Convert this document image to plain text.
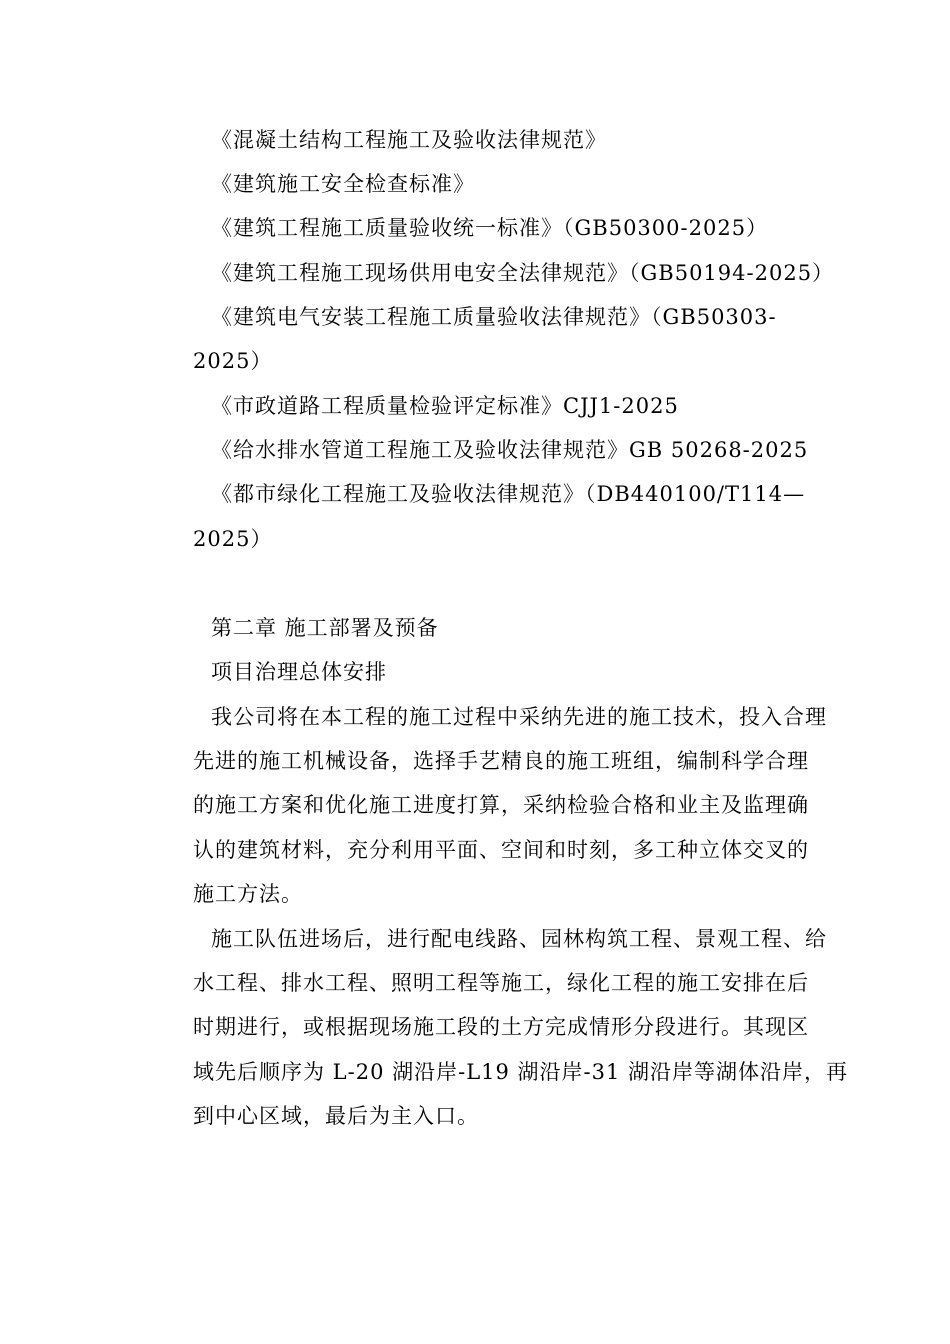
《混凝土结构工程施工及验收法律规范》
《建筑施工安全检查标准》
《建筑工程施工质量验收统一标准》（GB50300-2025）
《建筑工程施工现场供用电安全法律规范》（GB50194-2025）
《建筑电气安装工程施工质量验收法律规范》（GB50303-
2025）
《市政道路工程质量检验评定标准》CJJ1-2025
《给水排水管道工程施工及验收法律规范》GB 50268-2025
《都市绿化工程施工及验收法律规范》（DB440100/T114—
2025）
第二章 施工部署及预备
项目治理总体安排
我公司将在本工程的施工过程中采纳先进的施工技术，投入合理
先进的施工机械设备，选择手艺精良的施工班组，编制科学合理
的施工方案和优化施工进度打算，采纳检验合格和业主及监理确
认的建筑材料，充分利用平面、空间和时刻，多工种立体交叉的
施工方法。
施工队伍进场后，进行配电线路、园林构筑工程、景观工程、给
水工程、排水工程、照明工程等施工，绿化工程的施工安排在后
时期进行，或根据现场施工段的土方完成情形分段进行。其现区
域先后顺序为 L-20 湖沿岸-L19 湖沿岸-31 湖沿岸等湖体沿岸，再
到中心区域，最后为主入口。
